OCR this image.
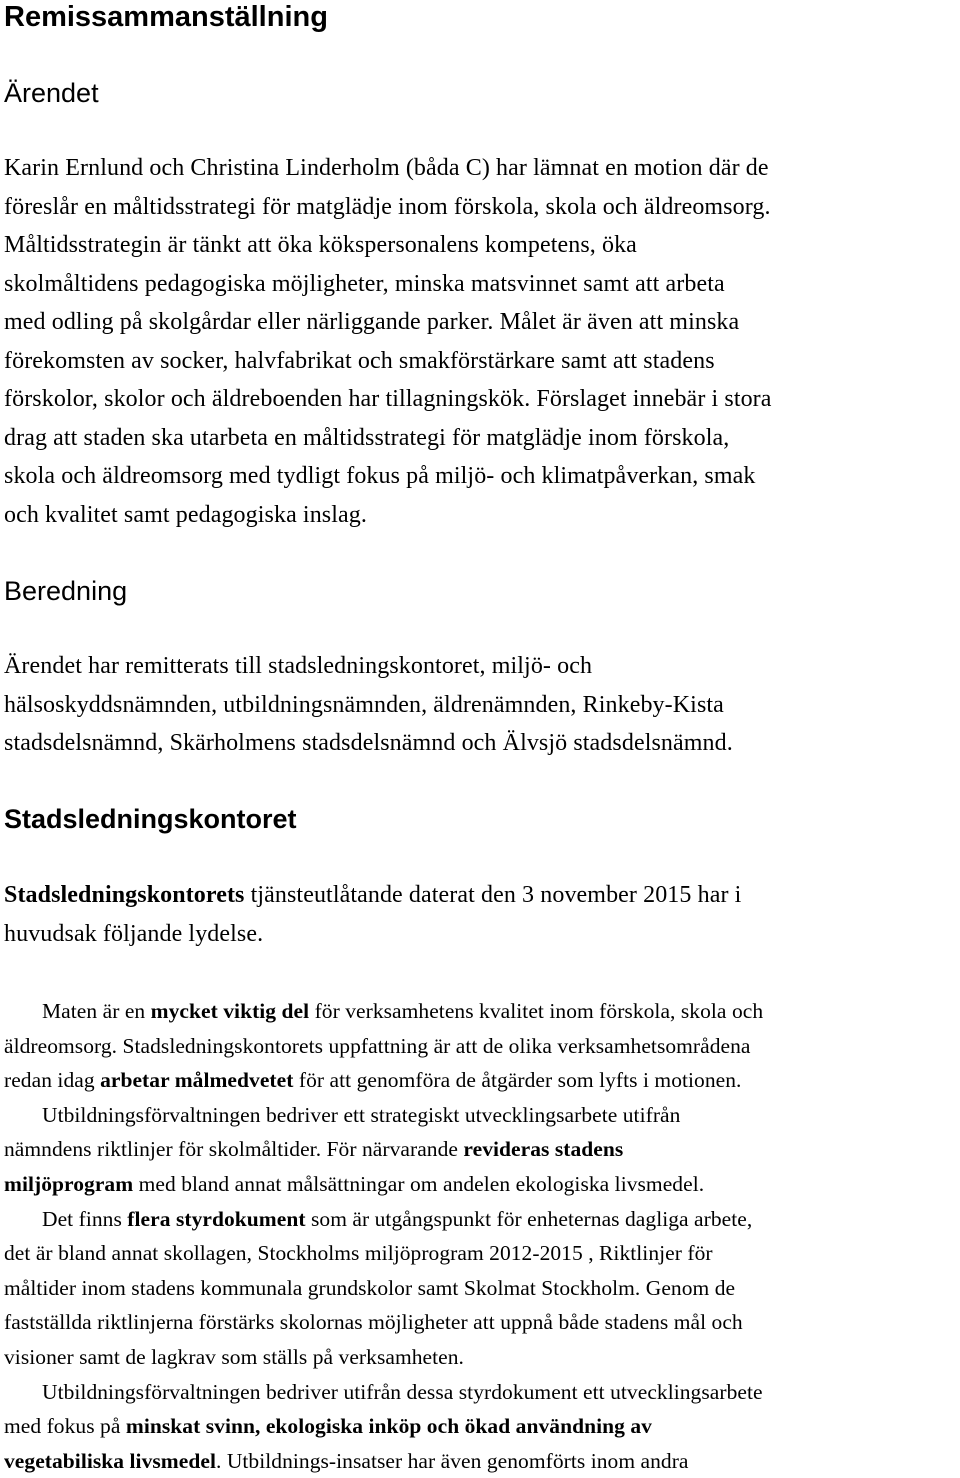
Remissammanställning
Ärendet
Karin Ernlund och Christina Linderholm (båda C) har lämnat en motion där de
föreslår en måltidsstrategi för matglädje inom förskola, skola och äldreomsorg.
Måltidsstrategin är tänkt att öka kökspersonalens kompetens, öka
skolmåltidens pedagogiska möjligheter, minska matsvinnet samt att arbeta
med odling på skolgårdar eller närliggande parker. Målet är även att minska
förekomsten av socker, halvfabrikat och smakförstärkare samt att stadens
förskolor, skolor och äldreboenden har tillagningskök. Förslaget innebär i stora
drag att staden ska utarbeta en måltidsstrategi för matglädje inom förskola,
skola och äldreomsorg med tydligt fokus på miljö- och klimatpåverkan, smak
och kvalitet samt pedagogiska inslag.
Beredning
Ärendet har remitterats till stadsledningskontoret, miljö- och
hälsoskyddsnämnden, utbildningsnämnden, äldrenämnden, Rinkeby-Kista
stadsdelsnämnd, Skärholmens stadsdelsnämnd och Älvsjö stadsdelsnämnd.
Stadsledningskontoret
Stadsledningskontorets tjänsteutlåtande daterat den 3 november 2015 har i
huvudsak följande lydelse.
Maten är en mycket viktig del för verksamhetens kvalitet inom förskola, skola och
äldreomsorg. Stadsledningskontorets uppfattning är att de olika verksamhetsområdena
redan idag arbetar målmedvetet för att genomföra de åtgärder som lyfts i motionen.
Utbildningsförvaltningen bedriver ett strategiskt utvecklingsarbete utifrån
nämndens riktlinjer för skolmåltider. För närvarande revideras stadens
miljöprogram med bland annat målsättningar om andelen ekologiska livsmedel.
Det finns flera styrdokument som är utgångspunkt för enheternas dagliga arbete,
det är bland annat skollagen, Stockholms miljöprogram 2012-2015 , Riktlinjer för
måltider inom stadens kommunala grundskolor samt Skolmat Stockholm. Genom de
fastställda riktlinjerna förstärks skolornas möjligheter att uppnå både stadens mål och
visioner samt de lagkrav som ställs på verksamheten.
Utbildningsförvaltningen bedriver utifrån dessa styrdokument ett utvecklingsarbete
med fokus på minskat svinn, ekologiska inköp och ökad användning av
vegetabiliska livsmedel. Utbildnings-insatser har även genomförts inom andra
